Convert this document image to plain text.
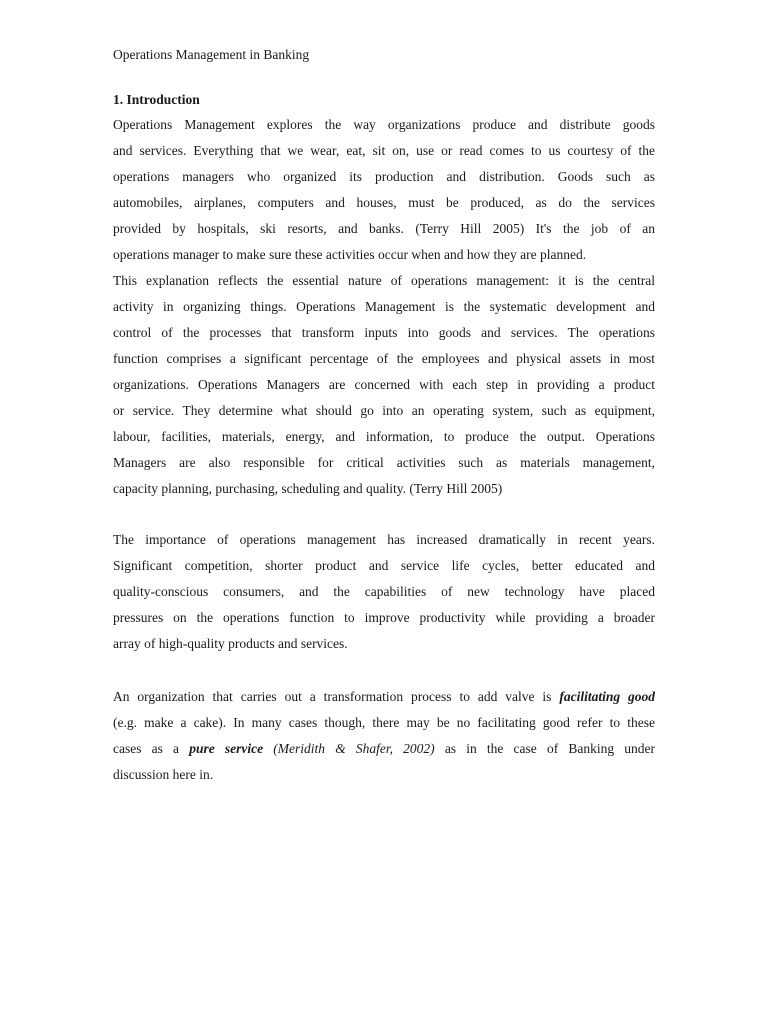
Operations Management in Banking
1. Introduction
Operations Management explores the way organizations produce and distribute goods
and services. Everything that we wear, eat, sit on, use or read comes to us courtesy of the
operations managers who organized its production and distribution. Goods such as
automobiles, airplanes, computers and houses, must be produced, as do the services
provided by hospitals, ski resorts, and banks. (Terry Hill 2005) It's the job of an
operations manager to make sure these activities occur when and how they are planned.
This explanation reflects the essential nature of operations management: it is the central
activity in organizing things. Operations Management is the systematic development and
control of the processes that transform inputs into goods and services. The operations
function comprises a significant percentage of the employees and physical assets in most
organizations. Operations Managers are concerned with each step in providing a product
or service. They determine what should go into an operating system, such as equipment,
labour, facilities, materials, energy, and information, to produce the output. Operations
Managers are also responsible for critical activities such as materials management,
capacity planning, purchasing, scheduling and quality. (Terry Hill 2005)
The importance of operations management has increased dramatically in recent years.
Significant competition, shorter product and service life cycles, better educated and
quality-conscious consumers, and the capabilities of new technology have placed
pressures on the operations function to improve productivity while providing a broader
array of high-quality products and services.
An organization that carries out a transformation process to add valve is facilitating good
(e.g. make a cake). In many cases though, there may be no facilitating good refer to these
cases as a pure service (Meridith & Shafer, 2002) as in the case of Banking under
discussion here in.
